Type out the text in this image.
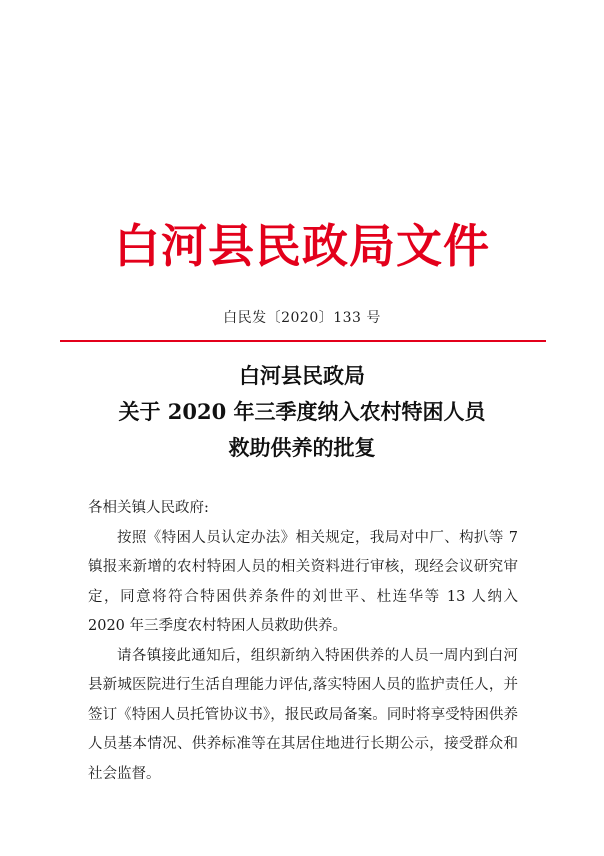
白河县民政局文件
白民发〔2020〕133 号
白河县民政局
关于 2020 年三季度纳入农村特困人员
救助供养的批复

各相关镇人民政府:

按照《特困人员认定办法》相关规定，我局对中厂、构扒等 7 镇报来新增的农村特困人员的相关资料进行审核，现经会议研究审定，同意将符合特困供养条件的刘世平、杜连华等 13 人纳入 2020 年三季度农村特困人员救助供养。

请各镇接此通知后，组织新纳入特困供养的人员一周内到白河县新城医院进行生活自理能力评估,落实特困人员的监护责任人，并签订《特困人员托管协议书》，报民政局备案。同时将享受特困供养人员基本情况、供养标准等在其居住地进行长期公示，接受群众和社会监督。
